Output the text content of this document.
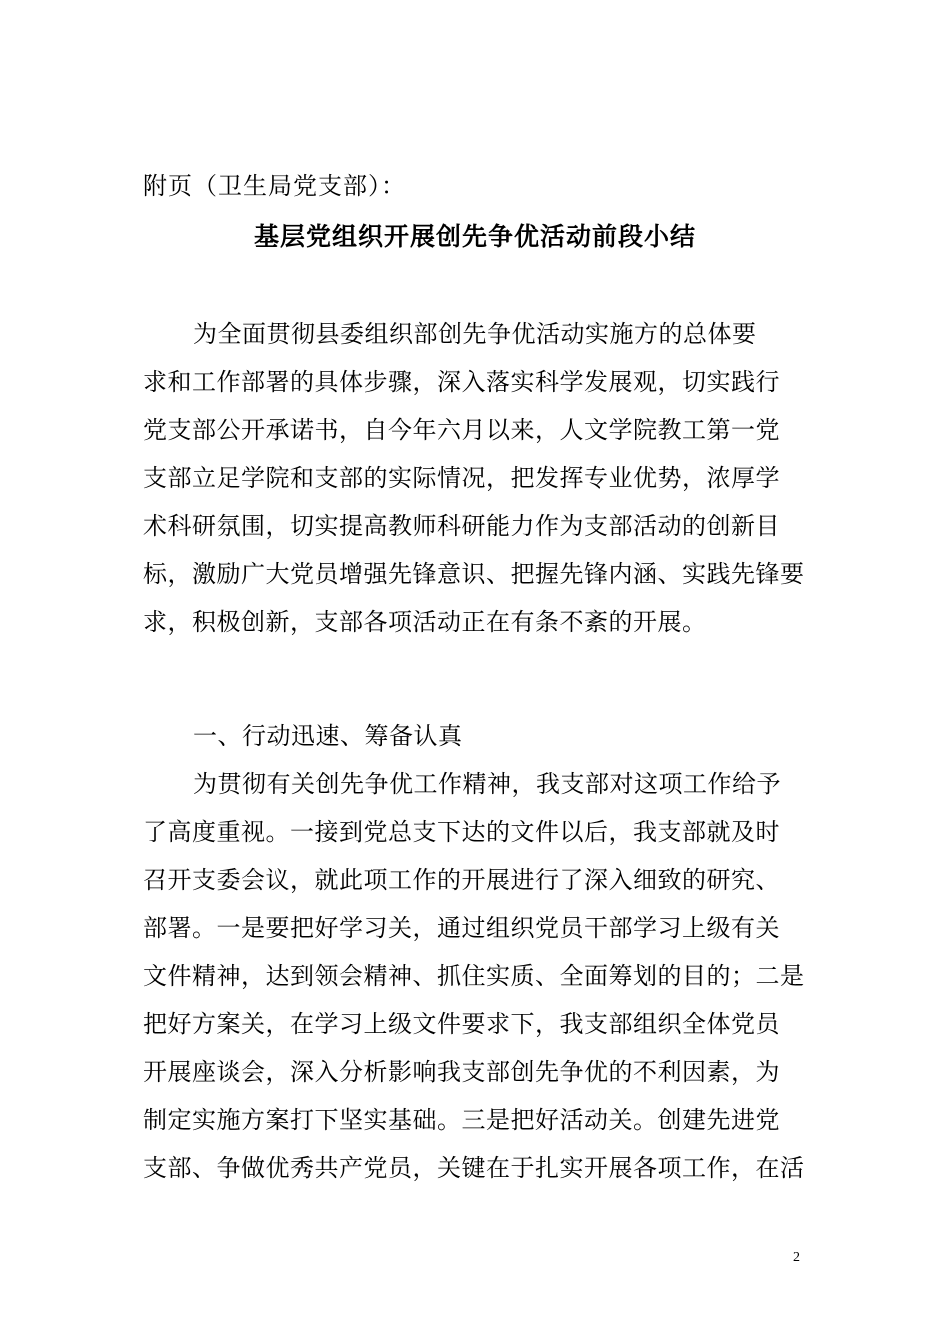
附页（卫生局党支部）：
基层党组织开展创先争优活动前段小结
为全面贯彻县委组织部创先争优活动实施方的总体要
求和工作部署的具体步骤，深入落实科学发展观，切实践行
党支部公开承诺书，自今年六月以来，人文学院教工第一党
支部立足学院和支部的实际情况，把发挥专业优势，浓厚学
术科研氛围，切实提高教师科研能力作为支部活动的创新目
标，激励广大党员增强先锋意识、把握先锋内涵、实践先锋要
求，积极创新，支部各项活动正在有条不紊的开展。
一、行动迅速、筹备认真
为贯彻有关创先争优工作精神，我支部对这项工作给予
了高度重视。一接到党总支下达的文件以后，我支部就及时
召开支委会议，就此项工作的开展进行了深入细致的研究、
部署。一是要把好学习关，通过组织党员干部学习上级有关
文件精神，达到领会精神、抓住实质、全面筹划的目的；二是
把好方案关，在学习上级文件要求下，我支部组织全体党员
开展座谈会，深入分析影响我支部创先争优的不利因素，为
制定实施方案打下坚实基础。三是把好活动关。创建先进党
支部、争做优秀共产党员，关键在于扎实开展各项工作，在活
2
